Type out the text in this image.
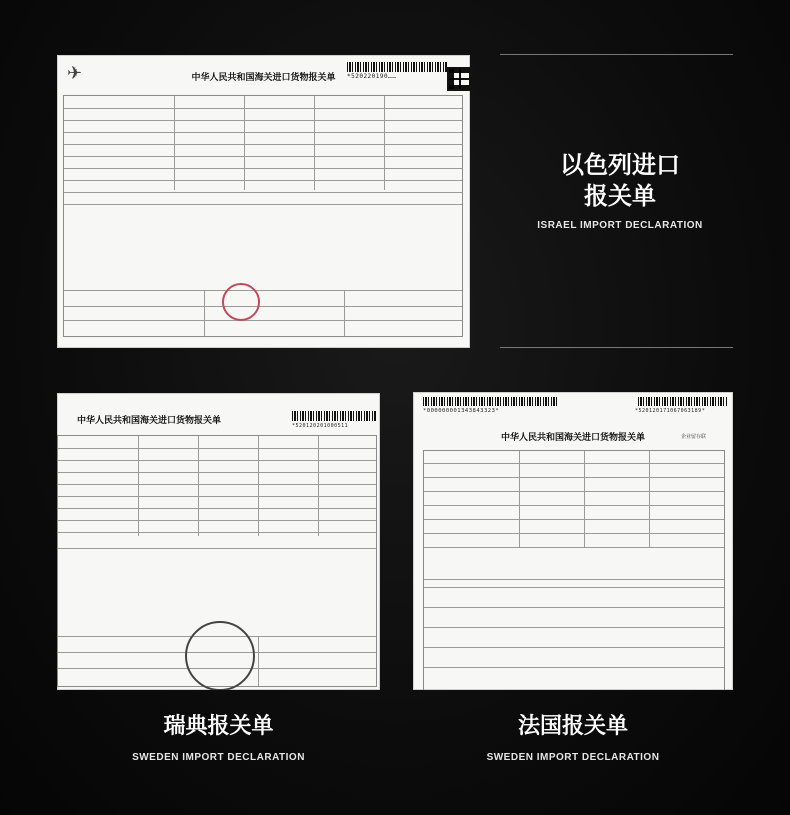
✈	中华人民共和国海关进口货物报关单	*520220190……
以色列进口
报关单
ISRAEL IMPORT DECLARATION
中华人民共和国海关进口货物报关单	*520120201000511
瑞典报关单
SWEDEN IMPORT DECLARATION
*000000001343843323*	*520120171067063189*
中华人民共和国海关进口货物报关单	企业留存联
法国报关单
SWEDEN IMPORT DECLARATION
